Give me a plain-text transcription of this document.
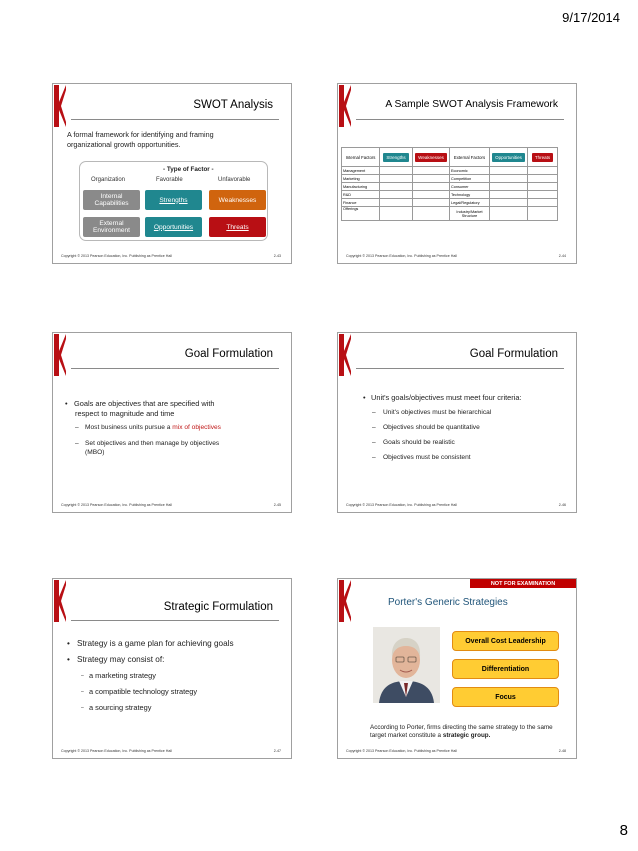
9/17/2014
SWOT Analysis
A formal framework for identifying and framing
organizational growth opportunities.
- Type of Factor -
Organization	Favorable	Unfavorable
Internal Capabilities	Strengths	Weaknesses
External Environment	Opportunities	Threats
Copyright © 2013 Pearson Education, Inc. Publishing as Prentice Hall	2-43
A Sample SWOT Analysis Framework
Internal Factors	Strengths	Weaknesses	External Factors	Opportunities	Threats
Management			Economic		
Marketing			Competition		
Manufacturing			Consumer		
R&D			Technology		
Finance			Legal/Regulatory		
Offerings			Industry/Market Structure		
Copyright © 2013 Pearson Education, Inc. Publishing as Prentice Hall	2-44
Goal Formulation
• Goals are objectives that are specified with
respect to magnitude and time
– Most business units pursue a mix of objectives
– Set objectives and then manage by objectives
(MBO)
Copyright © 2013 Pearson Education, Inc. Publishing as Prentice Hall	2-45
Goal Formulation
• Unit's goals/objectives must meet four criteria:
– Unit's objectives must be hierarchical
– Objectives should be quantitative
– Goals should be realistic
– Objectives must be consistent
Copyright © 2013 Pearson Education, Inc. Publishing as Prentice Hall	2-46
Strategic Formulation
• Strategy is a game plan for achieving goals
• Strategy may consist of:
– a marketing strategy
– a compatible technology strategy
– a sourcing strategy
Copyright © 2013 Pearson Education, Inc. Publishing as Prentice Hall	2-47
NOT FOR EXAMINATION
Porter's Generic Strategies
Overall Cost Leadership
Differentiation
Focus
According to Porter, firms directing the same strategy to the same target market constitute a strategic group.
Copyright © 2013 Pearson Education, Inc. Publishing as Prentice Hall	2-48
8
